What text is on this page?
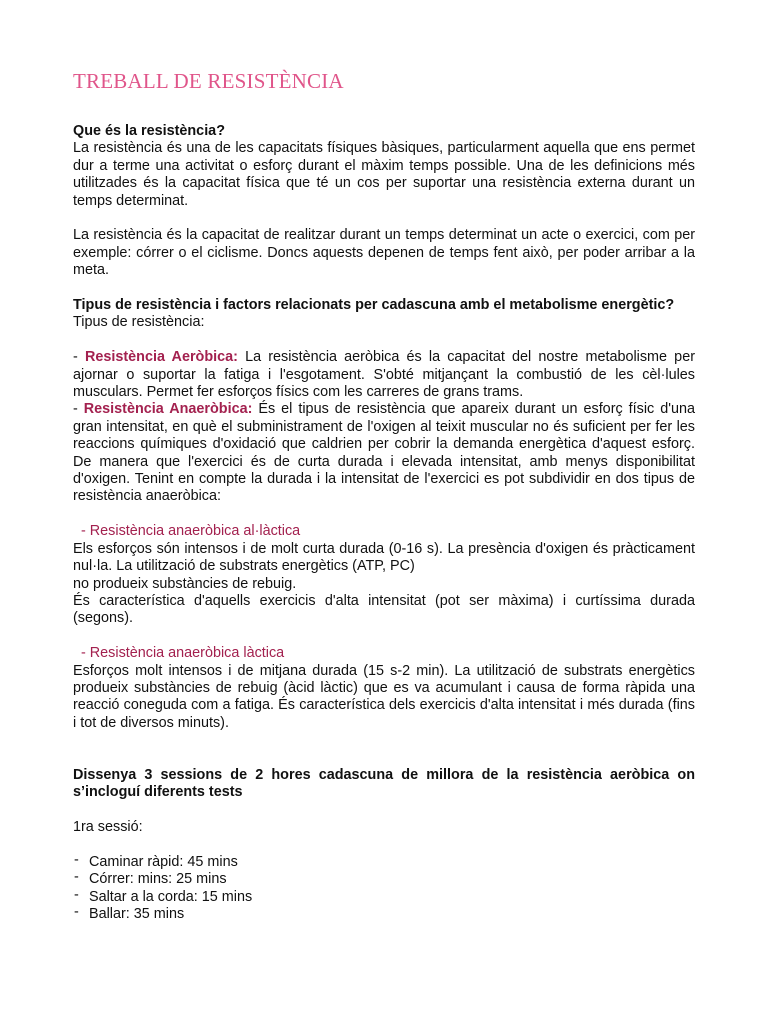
TREBALL DE RESISTÈNCIA

Que és la resistència?

La resistència és una de les capacitats físiques bàsiques, particularment aquella que ens permet dur a terme una activitat o esforç durant el màxim temps possible. Una de les definicions més utilitzades és la capacitat física que té un cos per suportar una resistència externa durant un temps determinat.

La resistència és la capacitat de realitzar durant un temps determinat un acte o exercici, com per exemple: córrer o el ciclisme. Doncs aquests depenen de temps fent això, per poder arribar a la meta.

Tipus de resistència i factors relacionats per cadascuna amb el metabolisme energètic?

Tipus de resistència:

- Resistència Aeròbica: La resistència aeròbica és la capacitat del nostre metabolisme per ajornar o suportar la fatiga i l'esgotament. S'obté mitjançant la combustió de les cèl·lules musculars. Permet fer esforços físics com les carreres de grans trams.

- Resistència Anaeròbica: És el tipus de resistència que apareix durant un esforç físic d'una gran intensitat, en què el subministrament de l'oxigen al teixit muscular no és suficient per fer les reaccions químiques d'oxidació que caldrien per cobrir la demanda energètica d'aquest esforç. De manera que l'exercici és de curta durada i elevada intensitat, amb menys disponibilitat d'oxigen. Tenint en compte la durada i la intensitat de l'exercici es pot subdividir en dos tipus de resistència anaeròbica:

- Resistència anaeròbica al·làctica

Els esforços són intensos i de molt curta durada (0-16 s). La presència d'oxigen és pràcticament nul·la. La utilització de substrats energètics (ATP, PC)

no produeix substàncies de rebuig.

És característica d'aquells exercicis d'alta intensitat (pot ser màxima) i curtíssima durada (segons).

- Resistència anaeròbica làctica

Esforços molt intensos i de mitjana durada (15 s-2 min). La utilització de substrats energètics produeix substàncies de rebuig (àcid làctic) que es va acumulant i causa de forma ràpida una reacció coneguda com a fatiga. És característica dels exercicis d'alta intensitat i més durada (fins i tot de diversos minuts).

Dissenya 3 sessions de 2 hores cadascuna de millora de la resistència aeròbica on s’incloguí diferents tests

1ra sessió:

- Caminar ràpid: 45 mins
- Córrer: mins: 25 mins
- Saltar a la corda: 15 mins
- Ballar: 35 mins
